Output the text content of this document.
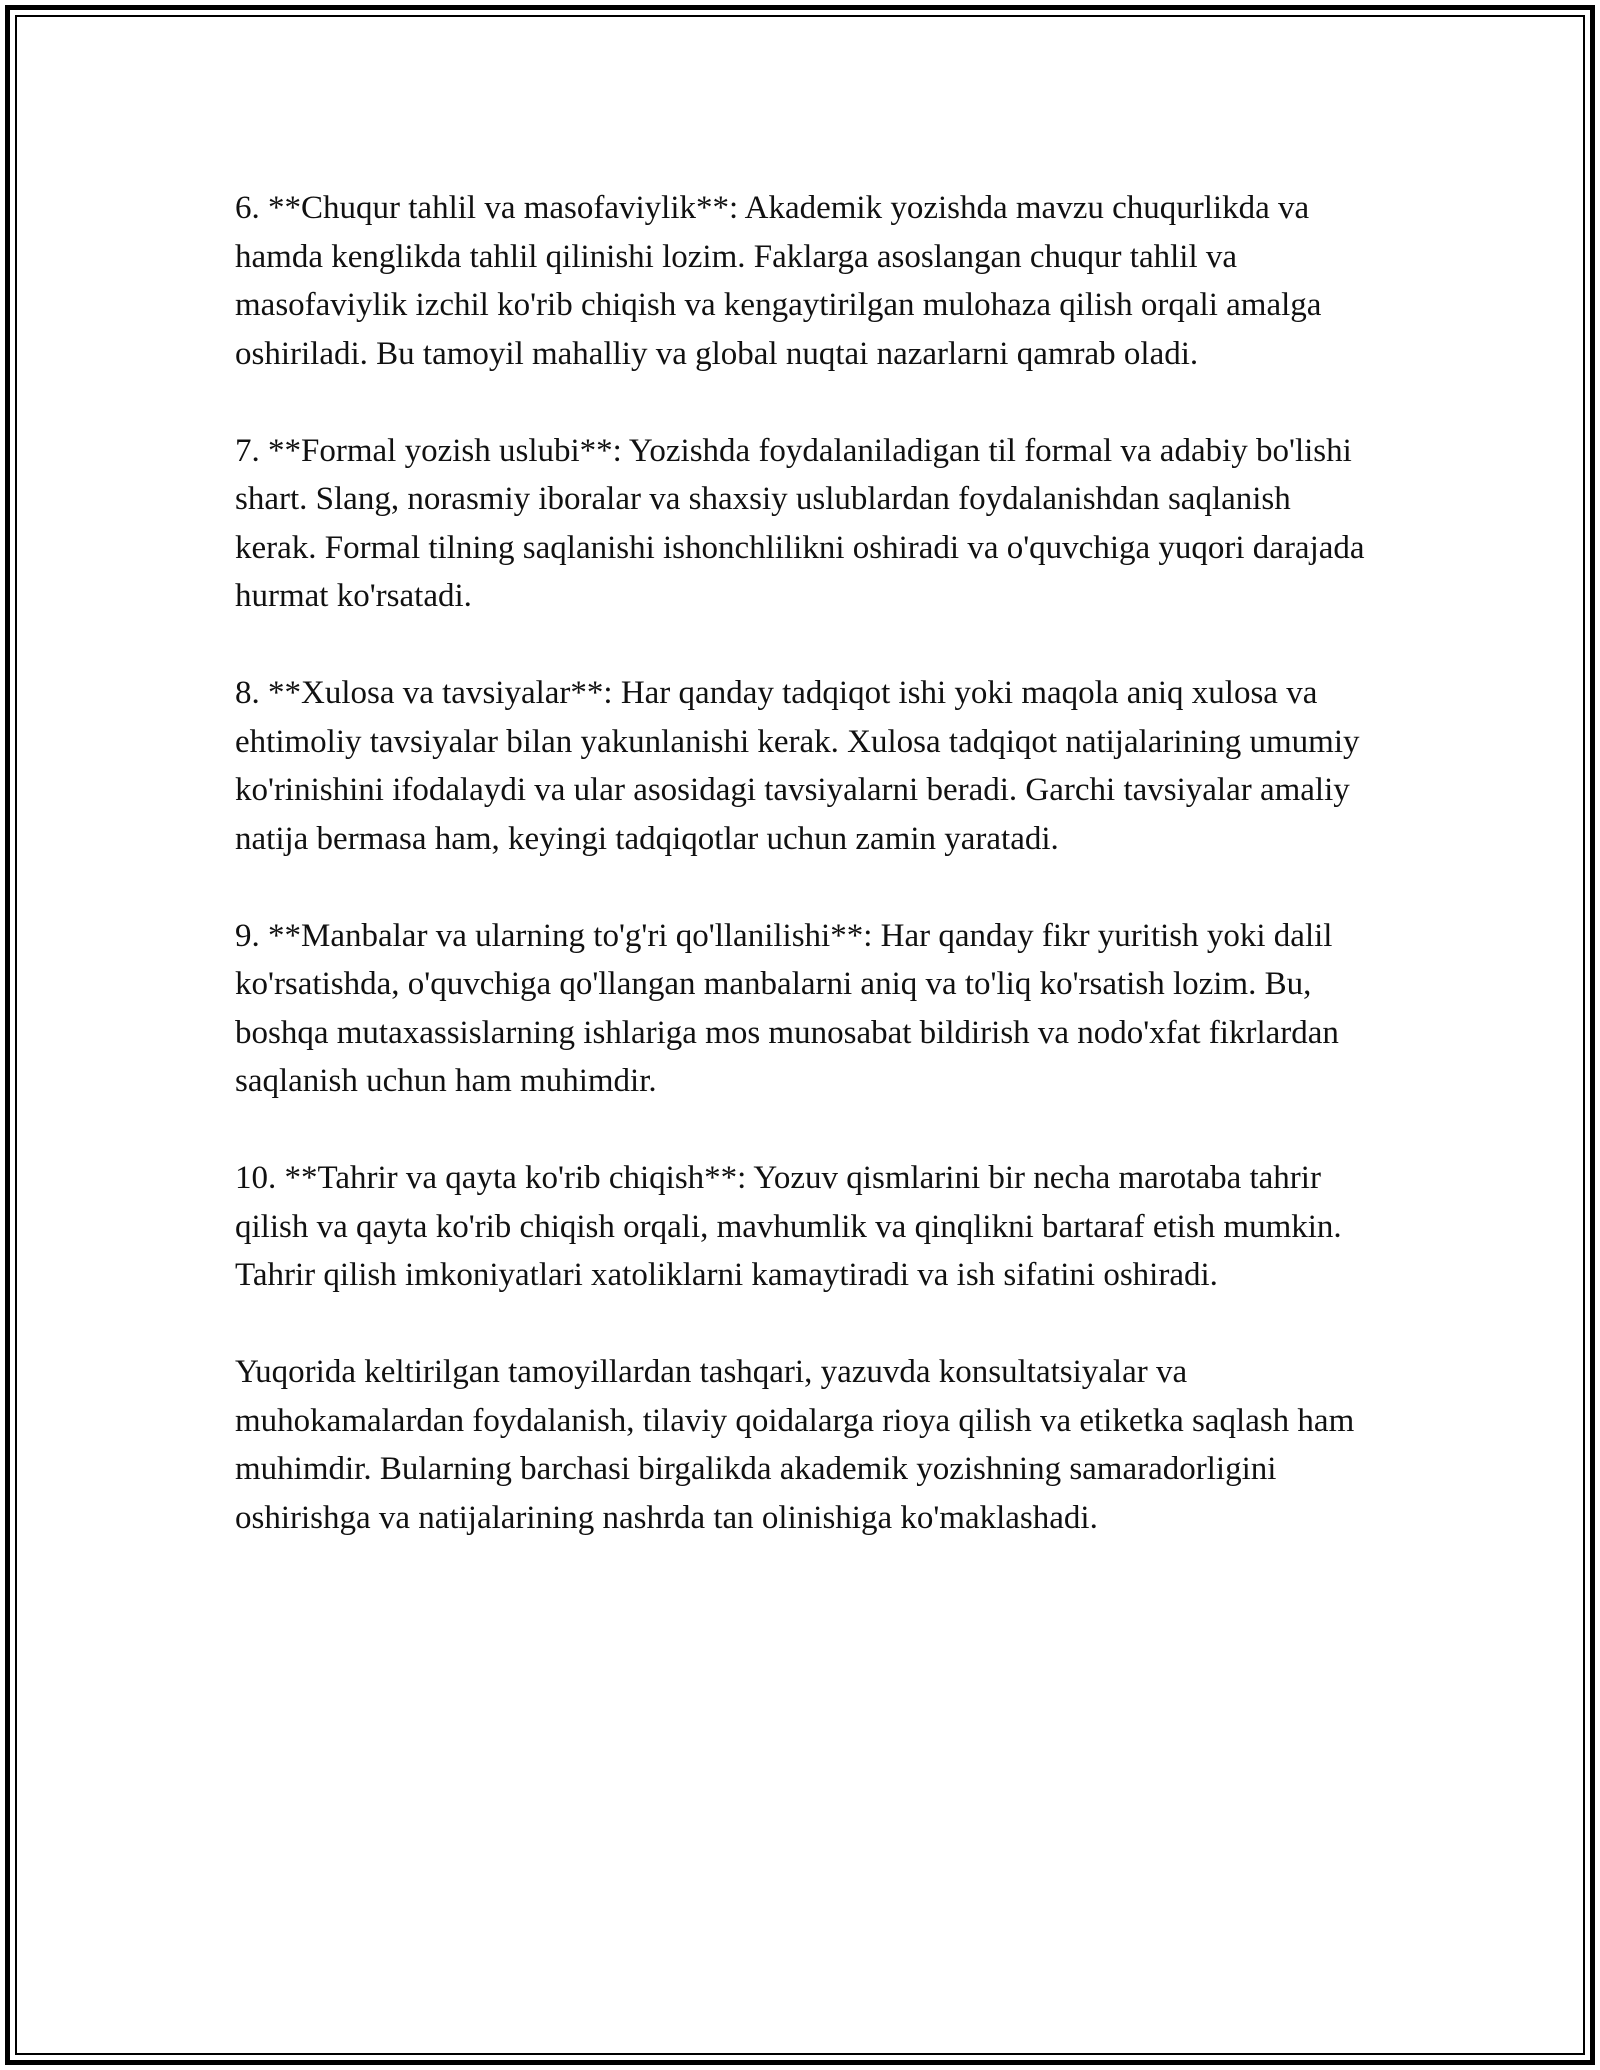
6. **Chuqur tahlil va masofaviylik**: Akademik yozishda mavzu chuqurlikda va hamda kenglikda tahlil qilinishi lozim. Faklarga asoslangan chuqur tahlil va masofaviylik izchil ko'rib chiqish va kengaytirilgan mulohaza qilish orqali amalga oshiriladi. Bu tamoyil mahalliy va global nuqtai nazarlarni qamrab oladi.

7. **Formal yozish uslubi**: Yozishda foydalaniladigan til formal va adabiy bo'lishi shart. Slang, norasmiy iboralar va shaxsiy uslublardan foydalanishdan saqlanish kerak. Formal tilning saqlanishi ishonchlilikni oshiradi va o'quvchiga yuqori darajada hurmat ko'rsatadi.

8. **Xulosa va tavsiyalar**: Har qanday tadqiqot ishi yoki maqola aniq xulosa va ehtimoliy tavsiyalar bilan yakunlanishi kerak. Xulosa tadqiqot natijalarining umumiy ko'rinishini ifodalaydi va ular asosidagi tavsiyalarni beradi. Garchi tavsiyalar amaliy natija bermasa ham, keyingi tadqiqotlar uchun zamin yaratadi.

9. **Manbalar va ularning to'g'ri qo'llanilishi**: Har qanday fikr yuritish yoki dalil ko'rsatishda, o'quvchiga qo'llangan manbalarni aniq va to'liq ko'rsatish lozim. Bu, boshqa mutaxassislarning ishlariga mos munosabat bildirish va nodo'xfat fikrlardan saqlanish uchun ham muhimdir.

10. **Tahrir va qayta ko'rib chiqish**: Yozuv qismlarini bir necha marotaba tahrir qilish va qayta ko'rib chiqish orqali, mavhumlik va qinqlikni bartaraf etish mumkin. Tahrir qilish imkoniyatlari xatoliklarni kamaytiradi va ish sifatini oshiradi.

Yuqorida keltirilgan tamoyillardan tashqari, yazuvda konsultatsiyalar va muhokamalardan foydalanish, tilaviy qoidalarga rioya qilish va etiketka saqlash ham muhimdir. Bularning barchasi birgalikda akademik yozishning samaradorligini oshirishga va natijalarining nashrda tan olinishiga ko'maklashadi.
